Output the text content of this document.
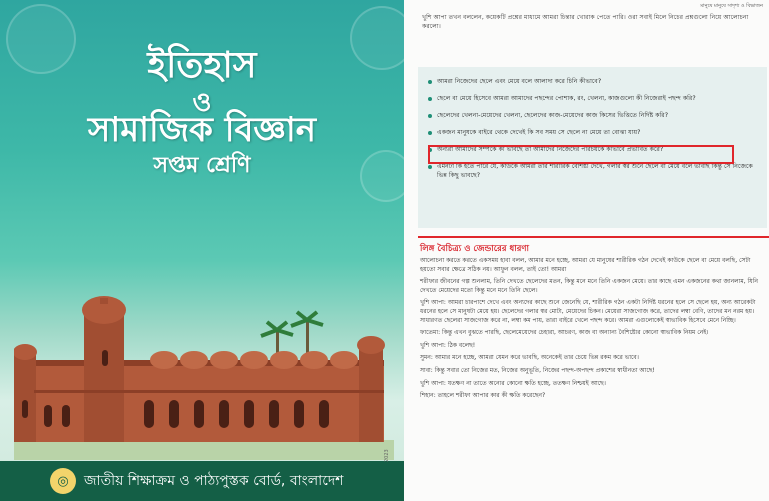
ইতিহাস
ও
সামাজিক বিজ্ঞান
সপ্তম শ্রেণি
◎	জাতীয় শিক্ষাক্রম ও পাঠ্যপুস্তক বোর্ড, বাংলাদেশ
2023
মানুষে মানুষে সাদৃশ্য ও বিভাজন
খুশি আপা তখন বললেন, কয়েকটি প্রশ্নের মাধ্যমে আমরা চিন্তার খোরাক পেতে পারি। ওরা সবাই মিলে নিচের প্রশ্নগুলো নিয়ে আলোচনা করলো।
আমরা নিজেদের ছেলে এবং মেয়ে বলে আলাদা করে চিনি কীভাবে?
ছেলে বা মেয়ে হিসেবে আমরা আমাদের পছন্দের পোশাক, রং, খেলনা, কাজগুলো কী নিজেরাই পছন্দ করি?
ছেলেদের খেলনা-মেয়েদের খেলনা, ছেলেদের কাজ-মেয়েদের কাজ কিসের ভিত্তিতে নির্দিষ্ট করি?
একজন মানুষকে বাইরে থেকে দেখেই কি সব সময় সে ছেলে না মেয়ে তা বোঝা যায়?
অন্যরা আমাদের সম্পর্কে কী ভাবছে তা আমাদের নিজেদের পরিচয়কে কীভাবে প্রভাবিত করে?
এমনটা কি হতে পারে যে, কাউকে আমরা তার শারীরিক বৈশিষ্ট্য দেখে, গলার স্বর শুনে ছেলে বা মেয়ে বলে ভাবছি কিন্তু সে নিজেকে ভিন্ন কিছু ভাবছে?
লিঙ্গ বৈচিত্র্য ও জেন্ডারের ধারণা

আলোচনা করতে করতে একসময় হাবা বলল, আমার মনে হচ্ছে, আমরা যে মানুষের শারীরিক গঠন দেখেই কাউকে ছেলে বা মেয়ে বলছি, সেটা হয়তো সবার ক্ষেত্রে সঠিক নয়। আফুন বলল, তাই তো! আমরা

শরীফার জীবনের গল্প শুনলাম, তিনি দেখতে ছেলেদের মতন, কিন্তু মনে মনে তিনি একজন মেয়ে। তার কাছে এমন একজনের কথা জানলাম, যিনি দেখতে মেয়েদের মতো কিন্তু মনে মনে তিনি ছেলে।

খুশি আপা: আমরা চারপাশে দেখে এবং অন্যদের কাছে শুনে জেনেছি যে, শারীরিক গঠন একটা নির্দিষ্ট ধরনের হলে সে ছেলে হয়, অন্য আরেকটা ধরনের হলে সে মানুষটা মেয়ে হয়। ছেলেদের গলার স্বর মোটা, মেয়েদের চিকন। মেয়েরা সাজগোজ করে, তাদের লম্বা বেণি, তাদের মন নরম হয়। সাধারণত ছেলেরা সাজগোজ করে না, লম্বা কম পায়, তারা বাইরে খেলে পছন্দ করে। আমরা এগুলোকেই স্বাভাবিক হিসেবে মেনে নিচ্ছি।

ফাতেমা: কিন্তু এখন বুঝতে পারছি, ছেলেমেয়েদের চেহারা, আচরণ, কাজ বা অন্যান্য বৈশিষ্ট্যের কোনো স্বাভাবিক নিয়ম নেই।

খুশি আপা: ঠিক বলেছ!

সুমন: আমার মনে হচ্ছে, আমরা যেমন করে ভাবছি, অনেকেই তার চেয়ে ভিন্ন রকম করে ভাবে।

সাবা: কিন্তু সবার তো নিজের মত, নিজের অনুভূতি, নিজের পছন্দ-অপছন্দ প্রকাশের স্বাধীনতা আছে!

খুশি আপা: যতক্ষণ না তাতে অন্যের কোনো ক্ষতি হচ্ছে, ততক্ষণ নিশ্চয়ই আছে।

শিহান: তাহলে শরীফা আপার কার কী ক্ষতি করেছেন?
